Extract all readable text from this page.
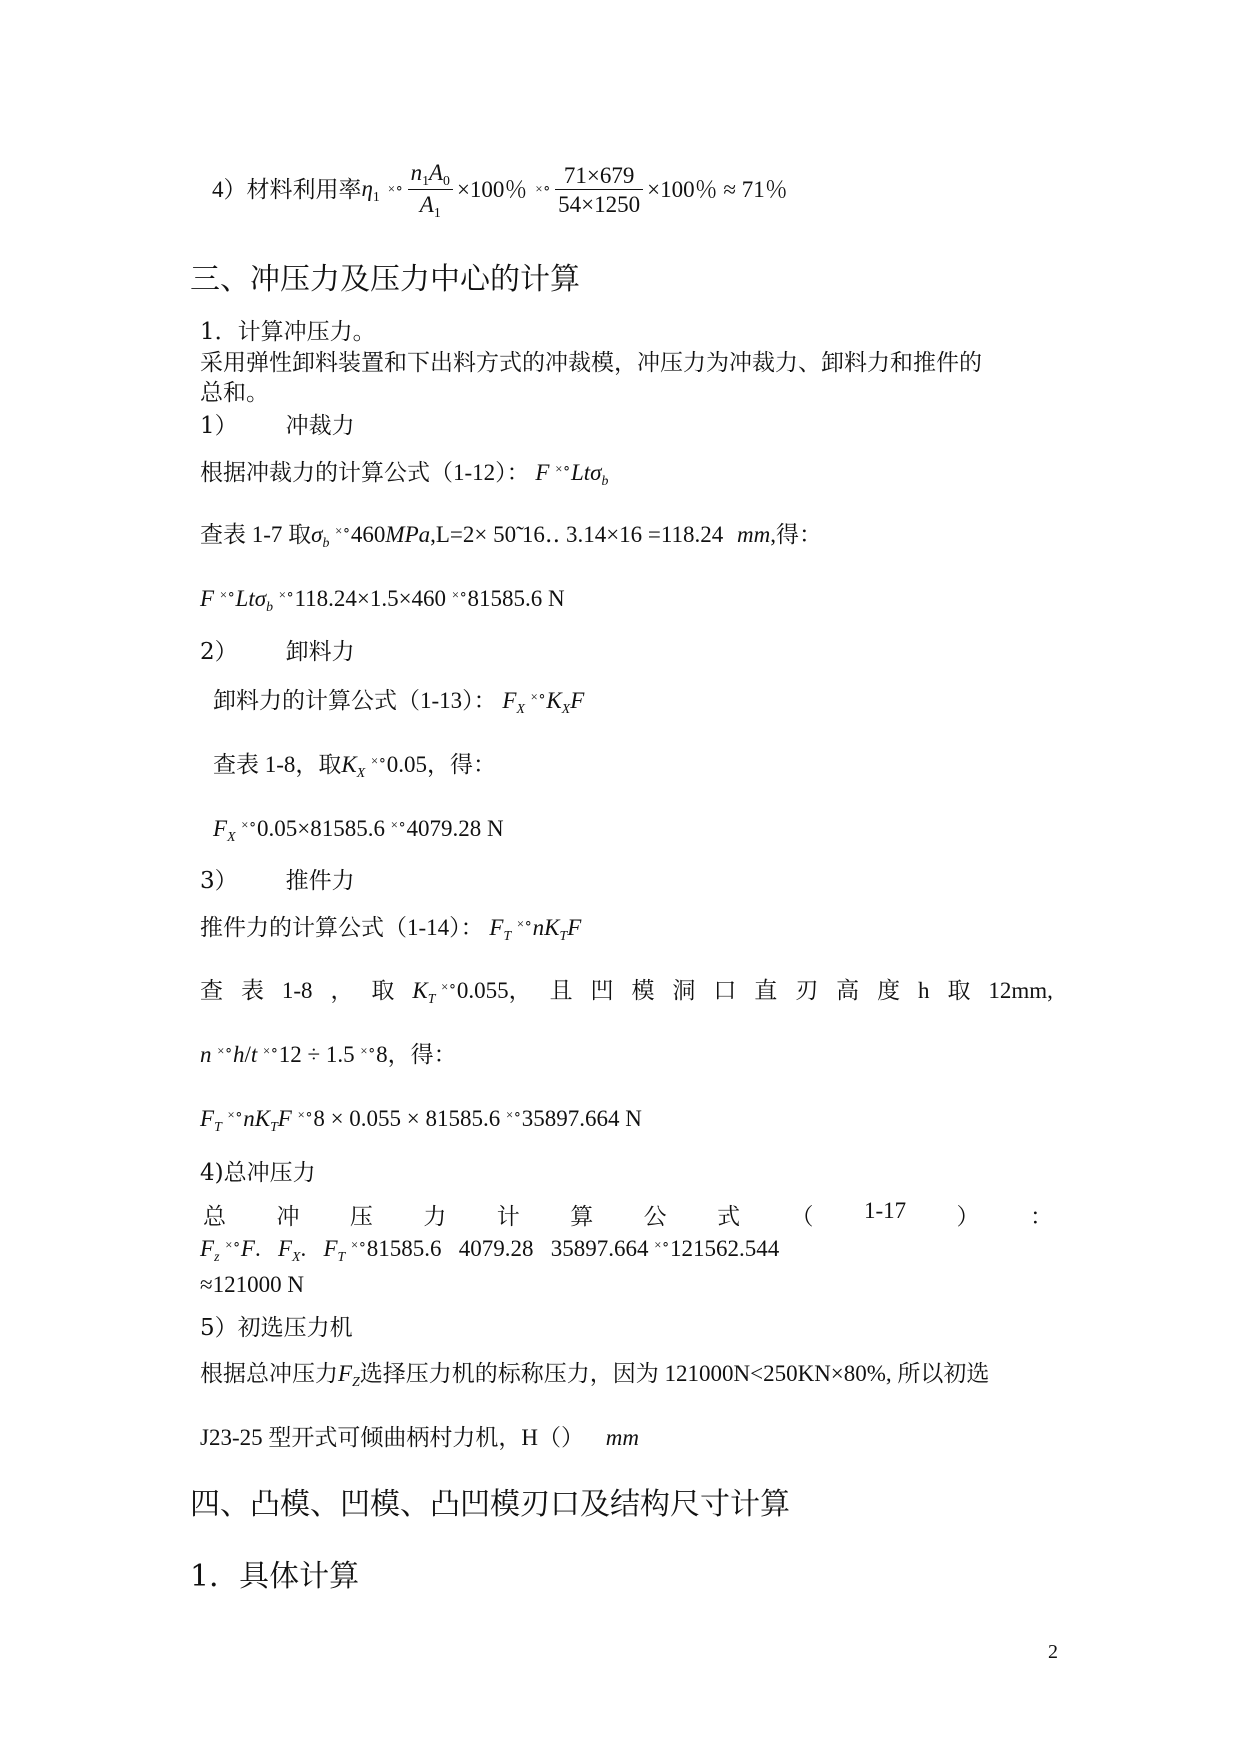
4）材料利用率 $\eta_1$ ×⚬ $\frac{n_1A_0}{A_1} \times 100$％ ×⚬ $\frac{71\times 679}{54\times 1250} \times 100$％ ≈ 71％
三、冲压力及压力中心的计算
1．计算冲压力。
采用弹性卸料装置和下出料方式的冲裁模，冲压力为冲裁力、卸料力和推件的
总和。
1） 冲裁力
根据冲裁力的计算公式（1-12）： F ×⚬Ltσ$_b$
查表 1-7 取$\sigma_b$ ×⚬460MPa,L=2× 50̃ 16‥ 3.14×16 =118.24 mm,得：
F ×⚬Ltσ$_b$ ×⚬118.24×1.5×460 ×⚬81585.6 N
2） 卸料力
卸料力的计算公式（1-13）： $F_X$ $^{\times⚬}K_XF$
查表 1-8，取$K_X$ ×⚬0.05，得：
$F_X$ ×⚬0.05×81585.6 ×⚬4079.28 N
3） 推件力
推件力的计算公式（1-14）： $F_T$ $^{\times⚬}nK_TF$
查 表 1-8 ， 取 $K_T$ ×⚬0.055， 且 凹 模 洞 口 直 刃 高 度 h 取 12mm,
n ×⚬h/t ×⚬12 ÷ 1.5 ×⚬8，得：
$F_T$ $^{\times⚬}nK_TF$ ×⚬8 × 0.055 × 81585.6 ×⚬35897.664 N
4)总冲压力
总 冲 压 力 计 算 公 式 （ 1-17 ） ：
$F_z$ ×⚬F.   $F_X$.   $F_T$ ×⚬81585.6   4079.28   35897.664 ×⚬121562.544
≈121000 N
5）初选压力机
根据总冲压力$F_Z$选择压力机的标称压力，因为 121000N<250KN×80%, 所以初选
J23-25 型开式可倾曲柄村力机，H（） mm
四、凸模、凹模、凸凹模刃口及结构尺寸计算
1．具体计算
2
